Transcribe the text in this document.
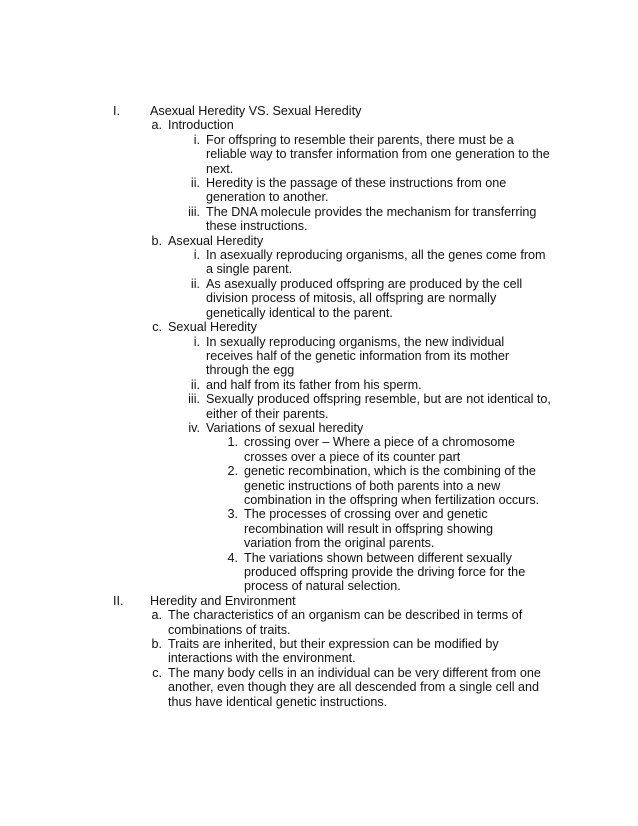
I.	Asexual Heredity VS. Sexual Heredity
a. Introduction
i. For offspring to resemble their parents, there must be a reliable way to transfer information from one generation to the next.
ii. Heredity is the passage of these instructions from one generation to another.
iii. The DNA molecule provides the mechanism for transferring these instructions.
b. Asexual Heredity
i. In asexually reproducing organisms, all the genes come from a single parent.
ii. As asexually produced offspring are produced by the cell division process of mitosis, all offspring are normally genetically identical to the parent.
c. Sexual Heredity
i. In sexually reproducing organisms, the new individual receives half of the genetic information from its mother through the egg
ii. and half from its father from his sperm.
iii. Sexually produced offspring resemble, but are not identical to, either of their parents.
iv. Variations of sexual heredity
1. crossing over – Where a piece of a chromosome crosses over a piece of its counter part
2. genetic recombination, which is the combining of the genetic instructions of both parents into a new combination in the offspring when fertilization occurs.
3. The processes of crossing over and genetic recombination will result in offspring showing variation from the original parents.
4. The variations shown between different sexually produced offspring provide the driving force for the process of natural selection.
II.	Heredity and Environment
a. The characteristics of an organism can be described in terms of combinations of traits.
b. Traits are inherited, but their expression can be modified by interactions with the environment.
c. The many body cells in an individual can be very different from one another, even though they are all descended from a single cell and thus have identical genetic instructions.
